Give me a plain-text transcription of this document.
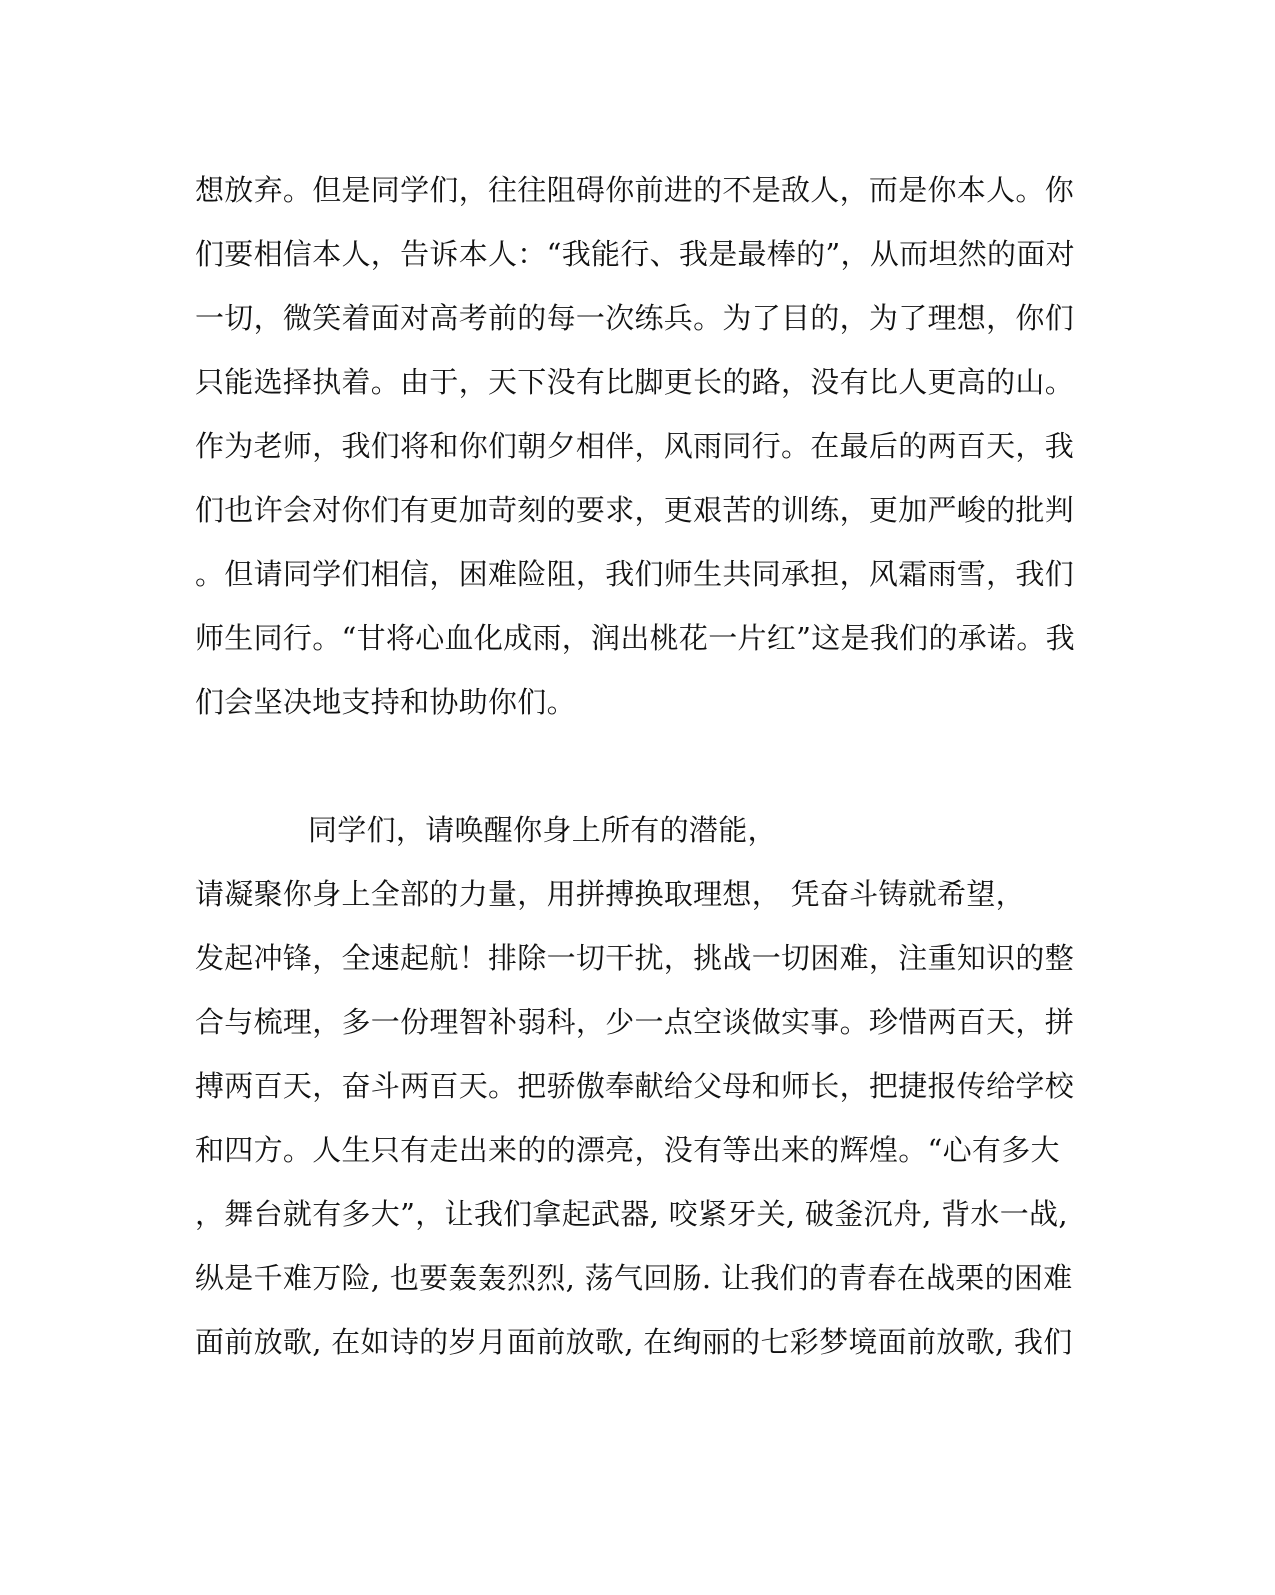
想放弃。但是同学们，往往阻碍你前进的不是敌人，而是你本人。你
们要相信本人，告诉本人：“我能行、我是最棒的”，从而坦然的面对
一切，微笑着面对高考前的每一次练兵。为了目的，为了理想，你们
只能选择执着。由于，天下没有比脚更长的路，没有比人更高的山。
作为老师，我们将和你们朝夕相伴，风雨同行。在最后的两百天，我
们也许会对你们有更加苛刻的要求，更艰苦的训练，更加严峻的批判
。但请同学们相信，困难险阻，我们师生共同承担，风霜雨雪，我们
师生同行。“甘将心血化成雨，润出桃花一片红”这是我们的承诺。我
们会坚决地支持和协助你们。
同学们，请唤醒你身上所有的潜能，
请凝聚你身上全部的力量，用拼搏换取理想， 凭奋斗铸就希望，
发起冲锋，全速起航！排除一切干扰，挑战一切困难，注重知识的整
合与梳理，多一份理智补弱科，少一点空谈做实事。珍惜两百天，拼
搏两百天，奋斗两百天。把骄傲奉献给父母和师长，把捷报传给学校
和四方。人生只有走出来的的漂亮，没有等出来的辉煌。“心有多大
，舞台就有多大”，让我们拿起武器, 咬紧牙关, 破釜沉舟, 背水一战,
纵是千难万险, 也要轰轰烈烈, 荡气回肠. 让我们的青春在战栗的困难
面前放歌, 在如诗的岁月面前放歌, 在绚丽的七彩梦境面前放歌, 我们
